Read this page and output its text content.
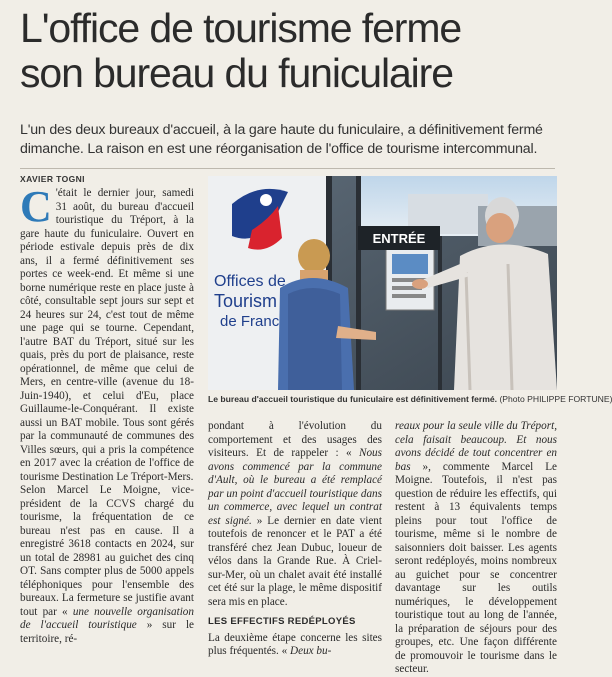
L'office de tourisme ferme
son bureau du funiculaire
L'un des deux bureaux d'accueil, à la gare haute du funiculaire, a définitivement fermé dimanche. La raison en est une réorganisation de l'office de tourisme intercommunal.
XAVIER TOGNI

C 'était le dernier jour, samedi 31 août, du bureau d'accueil touristique du Tréport, à la gare haute du funiculaire. Ouvert en période estivale depuis près de dix ans, il a fermé définitivement ses portes ce week-end. Et même si une borne numérique reste en place juste à côté, consultable sept jours sur sept et 24 heures sur 24, c'est tout de même une page qui se tourne. Cependant, l'autre BAT du Tréport, situé sur les quais, près du port de plaisance, reste opérationnel, de même que celui de Mers, en centre-ville (avenue du 18-Juin-1940), et celui d'Eu, place Guillaume-le-Conquérant. Il existe aussi un BAT mobile. Tous sont gérés par la communauté de communes des Villes sœurs, qui a pris la compétence en 2017 avec la création de l'office de tourisme Destination Le Tréport-Mers.

Selon Marcel Le Moigne, vice-président de la CCVS chargé du tourisme, la fréquentation de ce bureau n'est pas en cause. Il a enregistré 3618 contacts en 2024, sur un total de 28981 au guichet des cinq OT. Sans compter plus de 5000 appels téléphoniques pour l'ensemble des bureaux. La fermeture se justifie avant tout par « une nouvelle organisation de l'accueil touristique » sur le territoire, ré-

ENTRÉE
Offices de
Tourism
de Franc
Le bureau d'accueil touristique du funiculaire est définitivement fermé. (Photo PHILIPPE FORTUNE)

pondant à l'évolution du comportement et des usages des visiteurs. Et de rappeler : « Nous avons commencé par la commune d'Ault, où le bureau a été remplacé par un point d'accueil touristique dans un commerce, avec lequel un contrat est signé. » Le dernier en date vient toutefois de renoncer et le PAT a été transféré chez Jean Dubuc, loueur de vélos dans la Grande Rue. À Criel-sur-Mer, où un chalet avait été installé cet été sur la plage, le même dispositif sera mis en place.

LES EFFECTIFS REDÉPLOYÉS

La deuxième étape concerne les sites plus fréquentés. « Deux bu-

reaux pour la seule ville du Tréport, cela faisait beaucoup. Et nous avons décidé de tout concentrer en bas », commente Marcel Le Moigne. Toutefois, il n'est pas question de réduire les effectifs, qui restent à 13 équivalents temps pleins pour tout l'office de tourisme, même si le nombre de saisonniers doit baisser. Les agents seront redéployés, moins nombreux au guichet pour se concentrer davantage sur les outils numériques, le développement touristique tout au long de l'année, la préparation de séjours pour des groupes, etc. Une façon différente de promouvoir le tourisme dans le secteur.
